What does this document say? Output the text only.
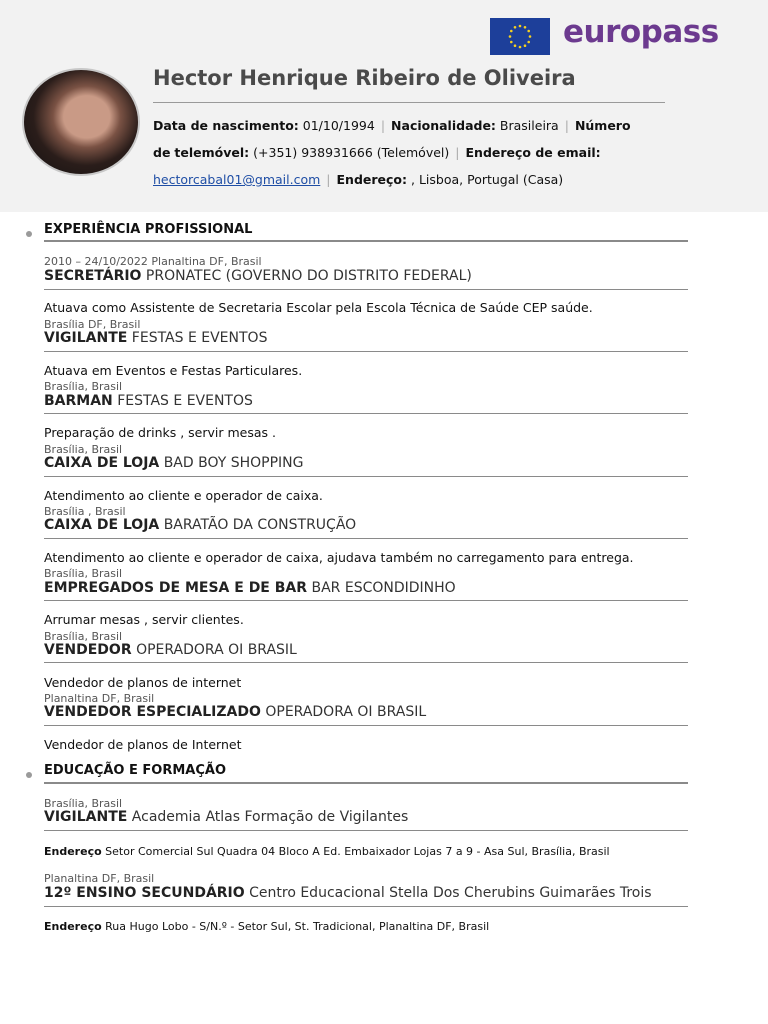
europass
Hector Henrique Ribeiro de Oliveira
Data de nascimento: 01/10/1994 | Nacionalidade: Brasileira | Número de telemóvel: (+351) 938931666 (Telemóvel) | Endereço de email: hectorcabal01@gmail.com | Endereço: , Lisboa, Portugal (Casa)
EXPERIÊNCIA PROFISSIONAL
2010 – 24/10/2022 Planaltina DF, Brasil
SECRETÁRIO PRONATEC (GOVERNO DO DISTRITO FEDERAL)
Atuava como Assistente de Secretaria Escolar pela Escola Técnica de Saúde CEP saúde.
Brasília DF, Brasil
VIGILANTE FESTAS E EVENTOS
Atuava em Eventos e Festas Particulares.
Brasília, Brasil
BARMAN FESTAS E EVENTOS
Preparação de drinks , servir mesas .
Brasília, Brasil
CAIXA DE LOJA BAD BOY SHOPPING
Atendimento ao cliente e operador de caixa.
Brasília , Brasil
CAIXA DE LOJA BARATÃO DA CONSTRUÇÃO
Atendimento ao cliente e operador de caixa, ajudava também no carregamento para entrega.
Brasília, Brasil
EMPREGADOS DE MESA E DE BAR BAR ESCONDIDINHO
Arrumar mesas , servir clientes.
Brasília, Brasil
VENDEDOR OPERADORA OI BRASIL
Vendedor de planos de internet
Planaltina DF, Brasil
VENDEDOR ESPECIALIZADO OPERADORA OI BRASIL
Vendedor de planos de Internet
EDUCAÇÃO E FORMAÇÃO
Brasília, Brasil
VIGILANTE Academia Atlas Formação de Vigilantes
Endereço Setor Comercial Sul Quadra 04 Bloco A Ed. Embaixador Lojas 7 a 9 - Asa Sul, Brasília, Brasil
Planaltina DF, Brasil
12º ENSINO SECUNDÁRIO Centro Educacional Stella Dos Cherubins Guimarães Trois
Endereço Rua Hugo Lobo - S/N.º - Setor Sul, St. Tradicional, Planaltina DF, Brasil
